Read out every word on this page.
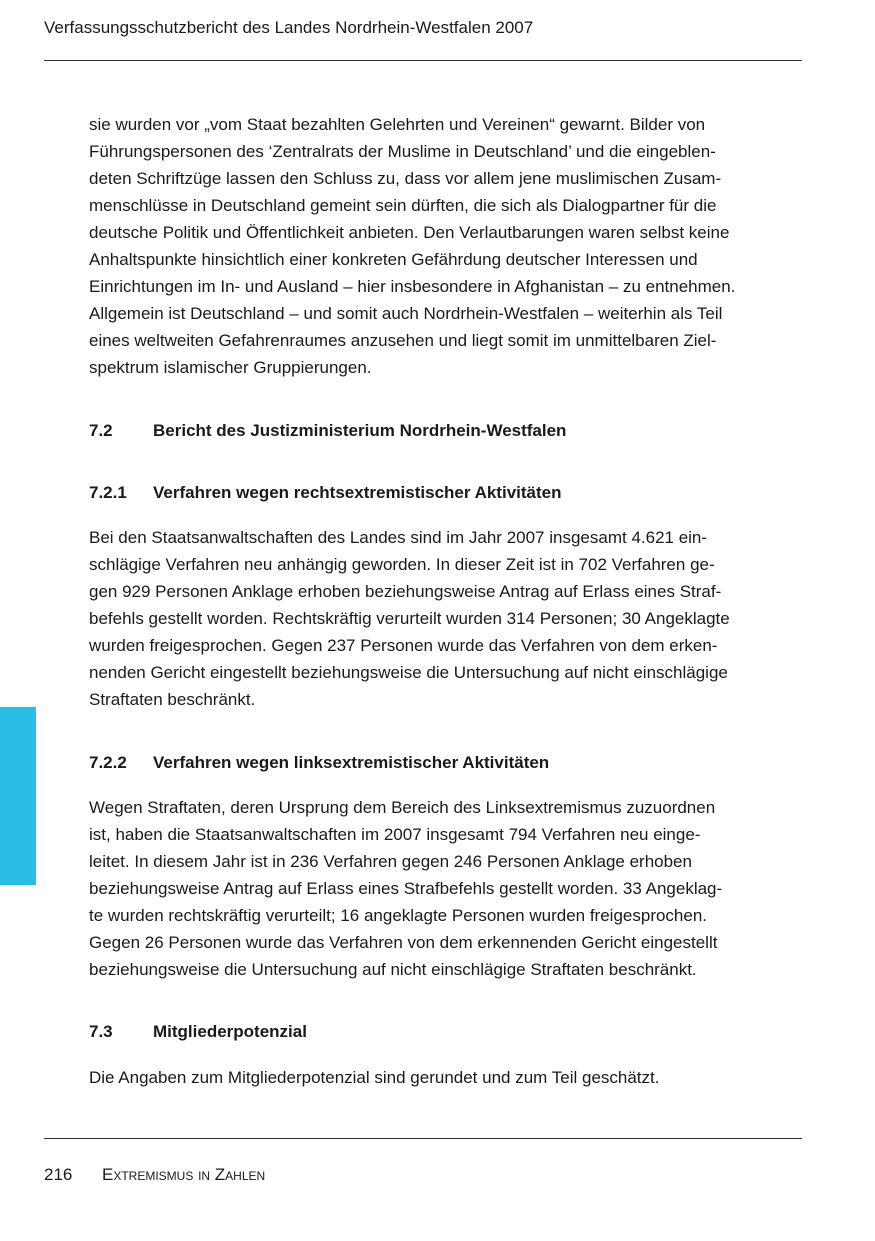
Verfassungsschutzbericht des Landes Nordrhein-Westfalen 2007

sie wurden vor „vom Staat bezahlten Gelehrten und Vereinen“ gewarnt. Bilder von
Führungspersonen des ‘Zentralrats der Muslime in Deutschland’ und die eingeblen-
deten Schriftzüge lassen den Schluss zu, dass vor allem jene muslimischen Zusam-
menschlüsse in Deutschland gemeint sein dürften, die sich als Dialogpartner für die
deutsche Politik und Öffentlichkeit anbieten. Den Verlautbarungen waren selbst keine
Anhaltspunkte hinsichtlich einer konkreten Gefährdung deutscher Interessen und
Einrichtungen im In- und Ausland – hier insbesondere in Afghanistan – zu entnehmen.
Allgemein ist Deutschland – und somit auch Nordrhein-Westfalen – weiterhin als Teil
eines weltweiten Gefahrenraumes anzusehen und liegt somit im unmittelbaren Ziel-
spektrum islamischer Gruppierungen.

7.2 Bericht des Justizministerium Nordrhein-Westfalen
7.2.1 Verfahren wegen rechtsextremistischer Aktivitäten

Bei den Staatsanwaltschaften des Landes sind im Jahr 2007 insgesamt 4.621 ein-
schlägige Verfahren neu anhängig geworden. In dieser Zeit ist in 702 Verfahren ge-
gen 929 Personen Anklage erhoben beziehungsweise Antrag auf Erlass eines Straf-
befehls gestellt worden. Rechtskräftig verurteilt wurden 314 Personen; 30 Angeklagte
wurden freigesprochen. Gegen 237 Personen wurde das Verfahren von dem erken-
nenden Gericht eingestellt beziehungsweise die Untersuchung auf nicht einschlägige
Straftaten beschränkt.

7.2.2 Verfahren wegen linksextremistischer Aktivitäten

Wegen Straftaten, deren Ursprung dem Bereich des Linksextremismus zuzuordnen
ist, haben die Staatsanwaltschaften im 2007 insgesamt 794 Verfahren neu einge-
leitet. In diesem Jahr ist in 236 Verfahren gegen 246 Personen Anklage erhoben
beziehungsweise Antrag auf Erlass eines Strafbefehls gestellt worden. 33 Angeklag-
te wurden rechtskräftig verurteilt; 16 angeklagte Personen wurden freigesprochen.
Gegen 26 Personen wurde das Verfahren von dem erkennenden Gericht eingestellt
beziehungsweise die Untersuchung auf nicht einschlägige Straftaten beschränkt.

7.3 Mitgliederpotenzial

Die Angaben zum Mitgliederpotenzial sind gerundet und zum Teil geschätzt.

216 Extremismus in Zahlen
